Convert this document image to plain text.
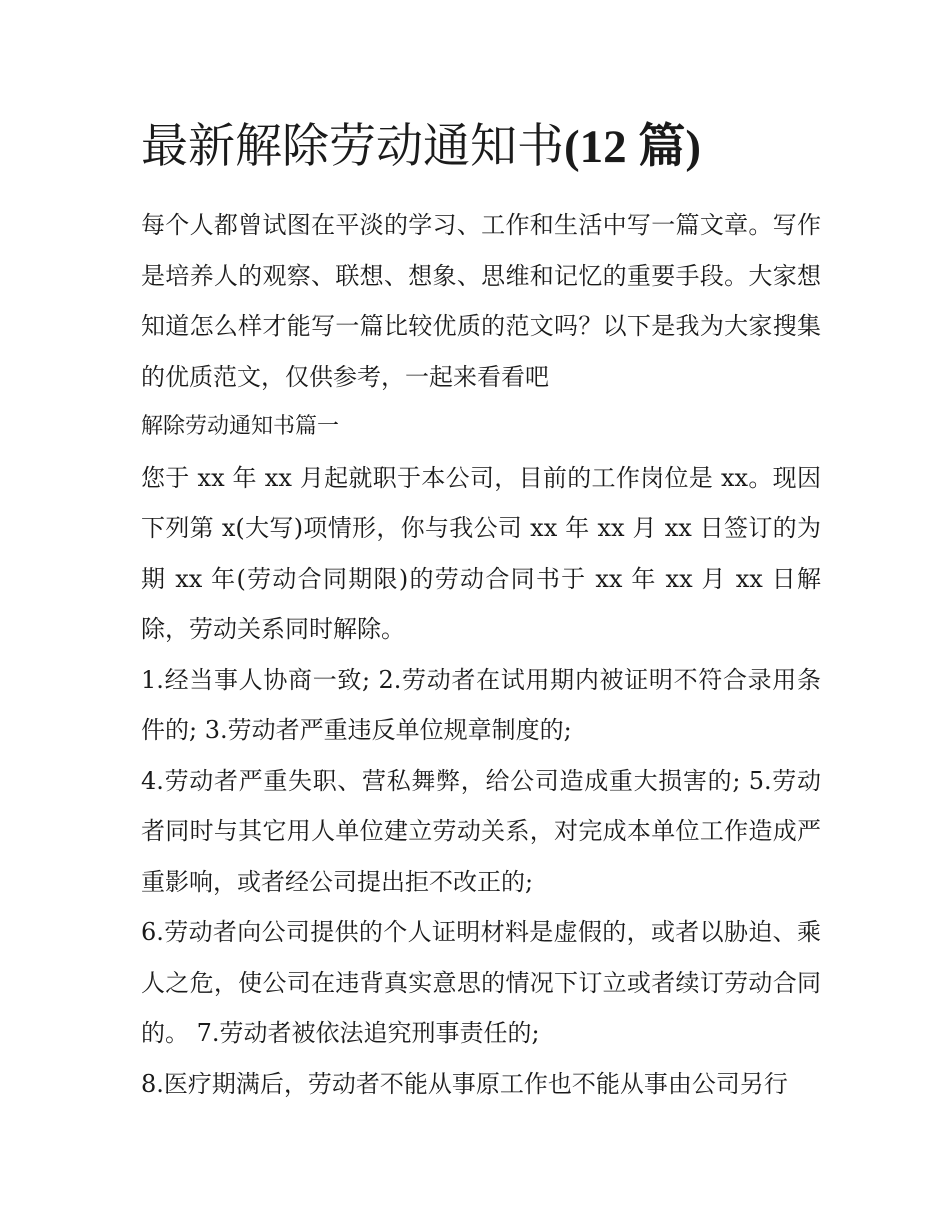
最新解除劳动通知书(12 篇)

每个人都曾试图在平淡的学习、工作和生活中写一篇文章。写作是培养人的观察、联想、想象、思维和记忆的重要手段。大家想知道怎么样才能写一篇比较优质的范文吗？以下是我为大家搜集的优质范文，仅供参考，一起来看看吧

解除劳动通知书篇一

您于 xx 年 xx 月起就职于本公司，目前的工作岗位是 xx。现因下列第 x(大写)项情形，你与我公司 xx 年 xx 月 xx 日签订的为期 xx 年(劳动合同期限)的劳动合同书于 xx 年 xx 月 xx 日解除，劳动关系同时解除。

1.经当事人协商一致; 2.劳动者在试用期内被证明不符合录用条件的; 3.劳动者严重违反单位规章制度的;

4.劳动者严重失职、营私舞弊，给公司造成重大损害的; 5.劳动者同时与其它用人单位建立劳动关系，对完成本单位工作造成严重影响，或者经公司提出拒不改正的;

6.劳动者向公司提供的个人证明材料是虚假的，或者以胁迫、乘人之危，使公司在违背真实意思的情况下订立或者续订劳动合同的。 7.劳动者被依法追究刑事责任的;

8.医疗期满后，劳动者不能从事原工作也不能从事由公司另行
